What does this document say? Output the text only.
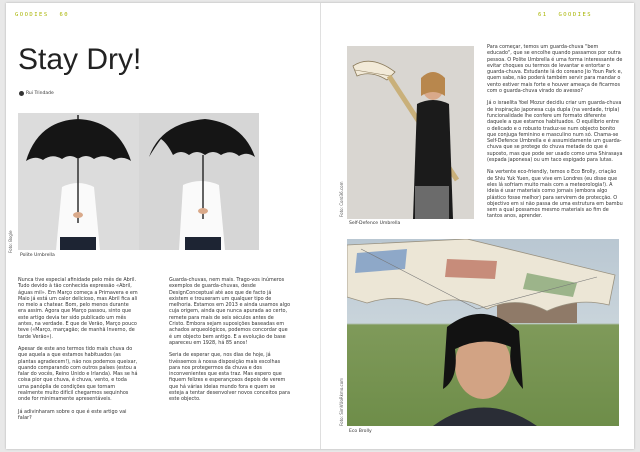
GOODIES 60	61 GOODIES
Stay Dry!
Rui Trindade
Foto: Bogle
Polite Umbrella

Nunca tive especial afinidade pelo mês de Abril. Tudo devido à tão conhecida expressão «Abril, águas mil». Em Março começa a Primavera e em Maio já está um calor delicioso, mas Abril fica ali no meio a chatear. Bom, pelo menos durante era assim. Agora que Março passou, sinto que este artigo devia ter sido publicado um mês antes, na verdade. E que de Verão, Março pouco teve («Março, marçagão; de manhã Inverno, de tarde Verão»).

Apesar de este ano termos tido mais chuva do que aquela a que estamos habituados (as plantas agradecem!), não nos podemos queixar, quando comparando com outros países (estou a falar do vocês, Reino Unido e Irlanda). Mas se há coisa pior que chuva, é chuva, vento, e toda uma panóplia de condições que tornam realmente muito difícil chegarmos sequinhos onde for minimamente apresentáveis.

Já adivinharam sobre o que é este artigo vai falar?

Guarda-chuvas, nem mais. Trago-vos inúmeros exemplos de guarda-chuvas, desde DesignConceptual até aos que de facto já existem e trouxeram um qualquer tipo de melhoria. Estamos em 2013 e ainda usamos algo cuja origem, ainda que nunca apurada ao certo, remete para mais de seis séculos antes de Cristo. Embora sejam suposições baseadas em achados arqueológicos, podemos concordar que é um objecto bem antigo. E a evolução de base apareceu em 1928, há 85 anos!

Seria de esperar que, nos dias de hoje, já tivéssemos à nossa disposição mais escolhas para nos protegermos da chuva e dos inconvenientes que esta traz. Mas espero que fiquem felizes e esperançosos depois de verem que há várias ideias mundo fora e quem se esteja a tentar desenvolver novos conceitos para este objecto.

Foto: Cord36.com
Self-Defence Umbrella

Para começar, temos um guarda-chuva "bem educado", que se encolhe quando passamos por outra pessoa. O Polite Umbrella é uma forma interessante de evitar choques ou termos de levantar e entortar o guarda-chuva. Estudante lá do coreano Jio Youn Park e, quem sabe, não poderá também servir para mandar o vento estiver mais forte e houver ameaça de ficarmos com o guarda-chuva virado do avesso?

Já o israelita Yoel Mozur decidiu criar um guarda-chuva de inspiração japonesa cuja dupla (na verdade, tripla) funcionalidade lhe confere um formato diferente daquele a que estamos habituados. O equilíbrio entre o delicado e o robusto traduz-se num objecto bonito que conjuga feminino e masculino num só. Chama-se Self-Defence Umbrella e é assumidamente um guarda-chuva que se protege do chuva metade do que é suposto, mas que pode ser usado como uma Shirasaya (espada japonesa) ou um taco espigado para lutas.

Na vertente eco-friendly, temos o Eco Brolly, criação de Shiu Yuk Yuen, que vive em Londres (eu disse que eles lá sofriam muito mais com a meteorologia!). A ideia é usar materiais como jornais (embora algo plástico fosse melhor) para servirem de protecção. O objectivo em si não passa de uma estrutura em bambu sem a qual possamos mesmo materiais ao fim de tantos anos, aprender.

Foto: SimVUoRkmo.com
Eco Brolly
